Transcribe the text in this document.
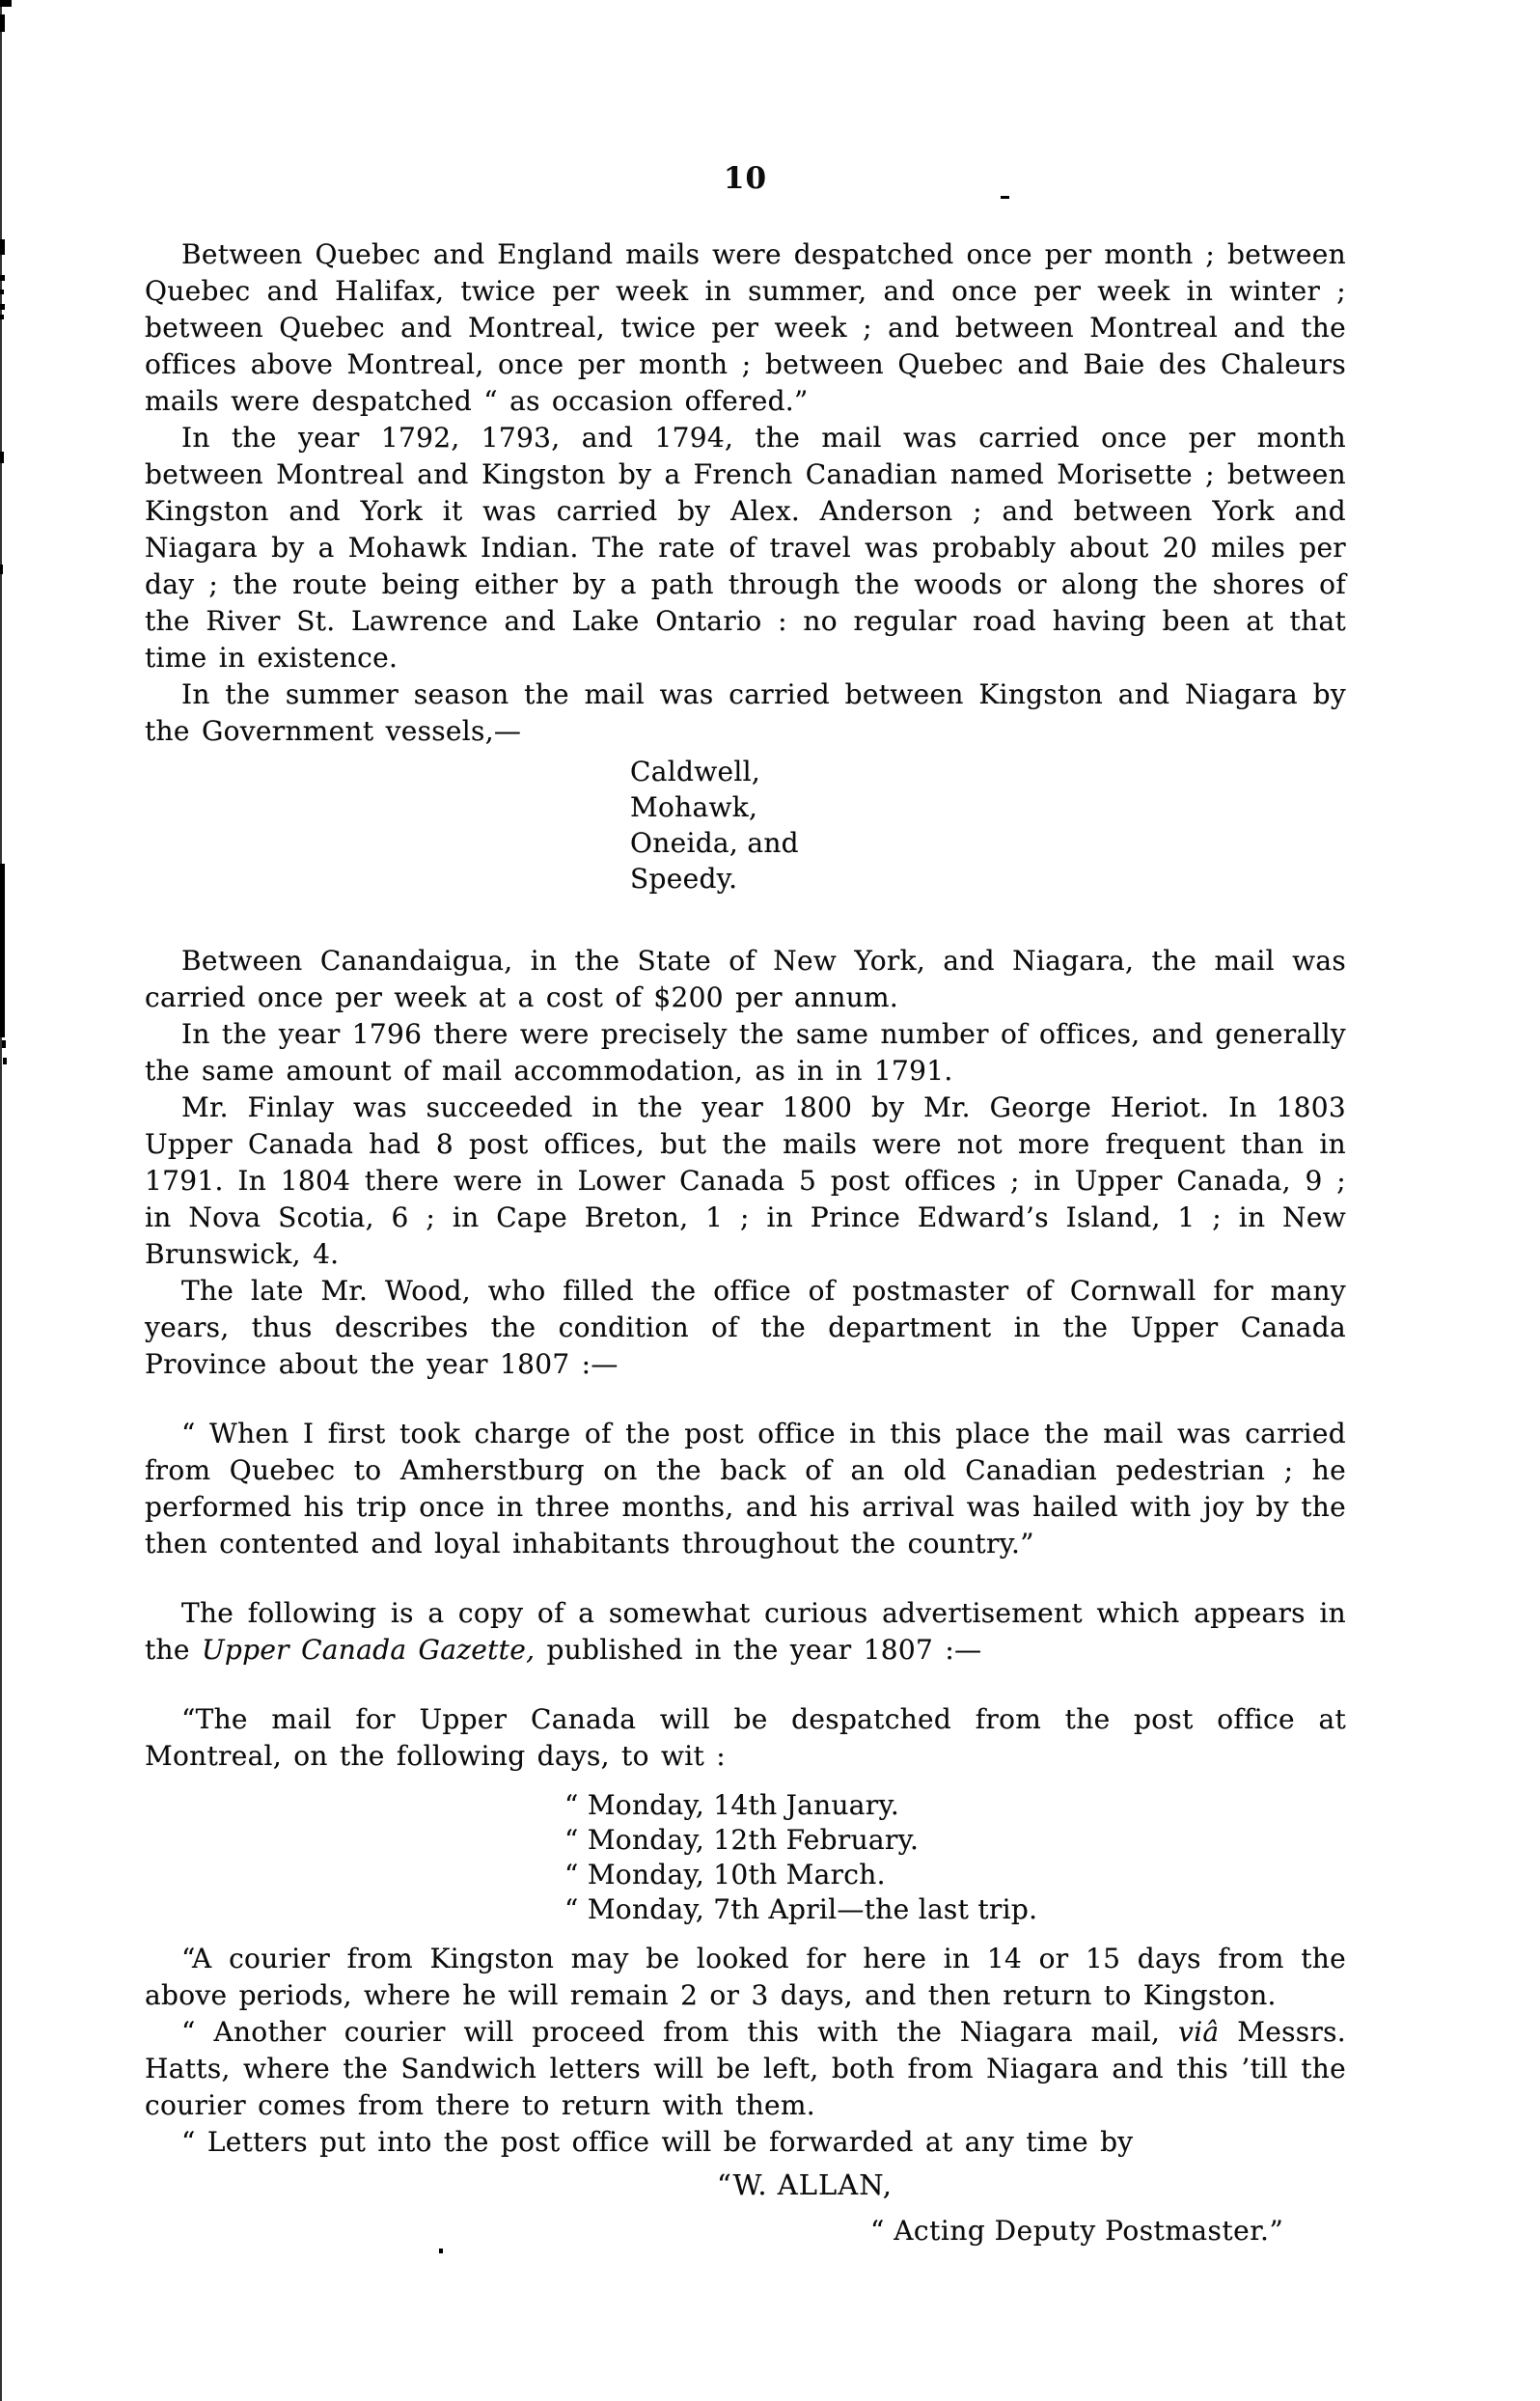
10

Between Quebec and England mails were despatched once per month ; between Quebec and Halifax, twice per week in summer, and once per week in winter ; between Quebec and Montreal, twice per week ; and between Montreal and the offices above Montreal, once per month ; between Quebec and Baie des Chaleurs mails were despatched “ as occasion offered.”

In the year 1792, 1793, and 1794, the mail was carried once per month between Montreal and Kingston by a French Canadian named Morisette ; between Kingston and York it was carried by Alex. Anderson ; and between York and Niagara by a Mohawk Indian. The rate of travel was probably about 20 miles per day ; the route being either by a path through the woods or along the shores of the River St. Lawrence and Lake Ontario : no regular road having been at that time in existence.

In the summer season the mail was carried between Kingston and Niagara by the Government vessels,—

Caldwell,
Mohawk,
Oneida, and
Speedy.

Between Canandaigua, in the State of New York, and Niagara, the mail was carried once per week at a cost of $200 per annum.

In the year 1796 there were precisely the same number of offices, and generally the same amount of mail accommodation, as in in 1791.

Mr. Finlay was succeeded in the year 1800 by Mr. George Heriot. In 1803 Upper Canada had 8 post offices, but the mails were not more frequent than in 1791. In 1804 there were in Lower Canada 5 post offices ; in Upper Canada, 9 ; in Nova Scotia, 6 ; in Cape Breton, 1 ; in Prince Edward’s Island, 1 ; in New Brunswick, 4.

The late Mr. Wood, who filled the office of postmaster of Cornwall for many years, thus describes the condition of the department in the Upper Canada Province about the year 1807 :—

“ When I first took charge of the post office in this place the mail was carried from Quebec to Amherstburg on the back of an old Canadian pedestrian ; he performed his trip once in three months, and his arrival was hailed with joy by the then contented and loyal inhabitants throughout the country.”

The following is a copy of a somewhat curious advertisement which appears in the Upper Canada Gazette, published in the year 1807 :—

“The mail for Upper Canada will be despatched from the post office at Montreal, on the following days, to wit :

“ Monday, 14th January.
“ Monday, 12th February.
“ Monday, 10th March.
“ Monday, 7th April—the last trip.

“A courier from Kingston may be looked for here in 14 or 15 days from the above periods, where he will remain 2 or 3 days, and then return to Kingston.

“ Another courier will proceed from this with the Niagara mail, viâ Messrs. Hatts, where the Sandwich letters will be left, both from Niagara and this ’till the courier comes from there to return with them.

“ Letters put into the post office will be forwarded at any time by

“W. ALLAN,
“ Acting Deputy Postmaster.”
